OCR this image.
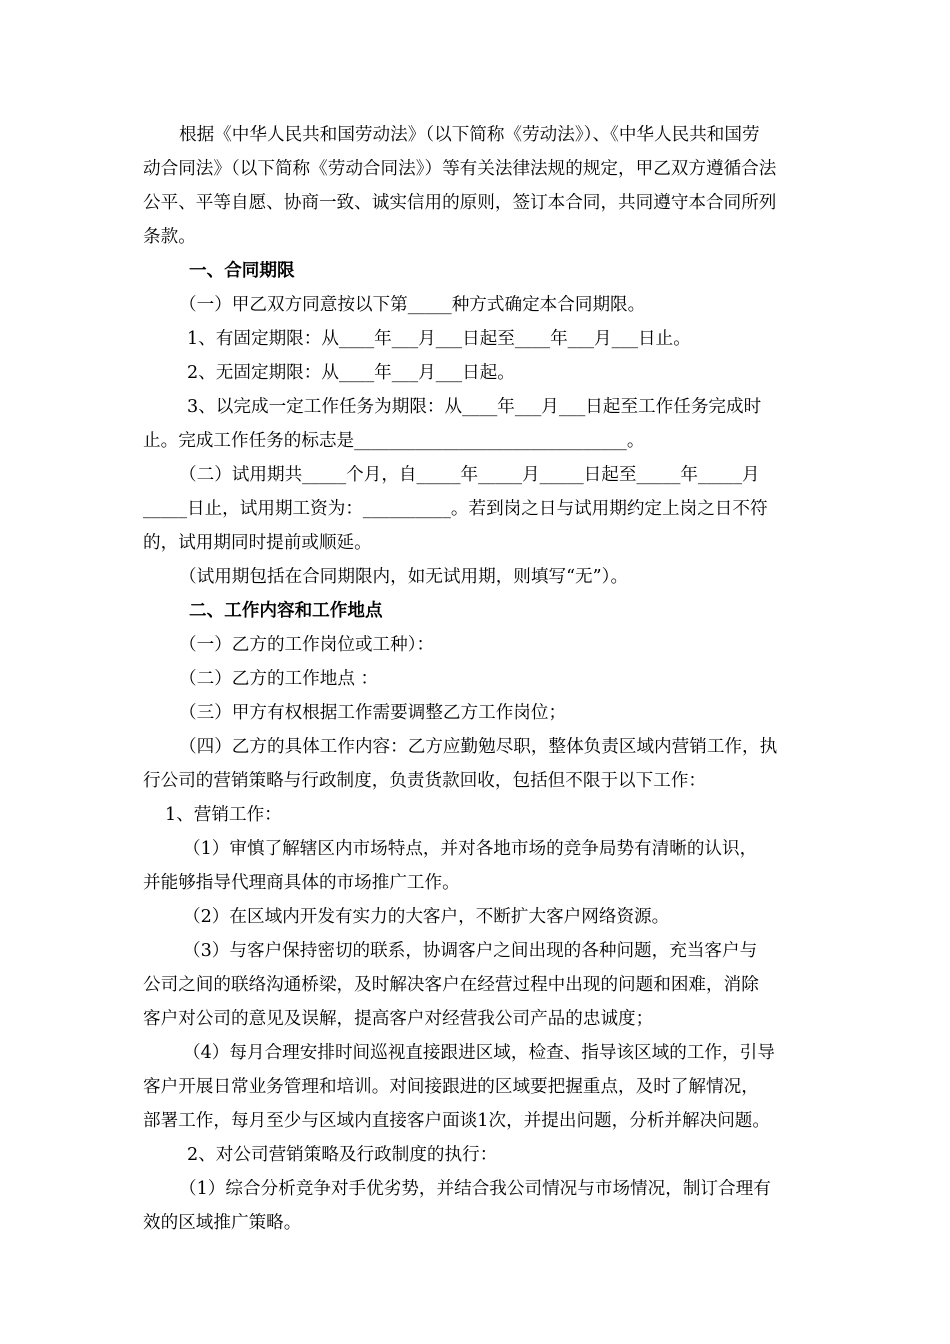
根据《中华人民共和国劳动法》（以下简称《劳动法》）、《中华人民共和国劳

动合同法》（以下简称《劳动合同法》）等有关法律法规的规定，甲乙双方遵循合法

公平、平等自愿、协商一致、诚实信用的原则，签订本合同，共同遵守本合同所列

条款。

一、合同期限

（一）甲乙双方同意按以下第_____种方式确定本合同期限。

1、有固定期限：从____年___月___日起至____年___月___日止。

2、无固定期限：从____年___月___日起。

3、以完成一定工作任务为期限：从____年___月___日起至工作任务完成时

止。完成工作任务的标志是_______________________________。

（二）试用期共_____个月，自_____年_____月_____日起至_____年_____月

_____日止，试用期工资为：__________。若到岗之日与试用期约定上岗之日不符

的，试用期同时提前或顺延。

（试用期包括在合同期限内，如无试用期，则填写“无”）。

二、工作内容和工作地点

（一）乙方的工作岗位或工种）：

（二）乙方的工作地点 ：

（三）甲方有权根据工作需要调整乙方工作岗位；

（四）乙方的具体工作内容：乙方应勤勉尽职，整体负责区域内营销工作，执

行公司的营销策略与行政制度，负责货款回收，包括但不限于以下工作：

1、营销工作：

（1）审慎了解辖区内市场特点，并对各地市场的竞争局势有清晰的认识，

并能够指导代理商具体的市场推广工作。

（2）在区域内开发有实力的大客户，不断扩大客户网络资源。

（3）与客户保持密切的联系，协调客户之间出现的各种问题，充当客户与

公司之间的联络沟通桥梁，及时解决客户在经营过程中出现的问题和困难，消除

客户对公司的意见及误解，提高客户对经营我公司产品的忠诚度；

（4）每月合理安排时间巡视直接跟进区域，检查、指导该区域的工作，引导

客户开展日常业务管理和培训。对间接跟进的区域要把握重点，及时了解情况，

部署工作，每月至少与区域内直接客户面谈1次，并提出问题，分析并解决问题。

2、对公司营销策略及行政制度的执行：

（1）综合分析竞争对手优劣势，并结合我公司情况与市场情况，制订合理有

效的区域推广策略。
